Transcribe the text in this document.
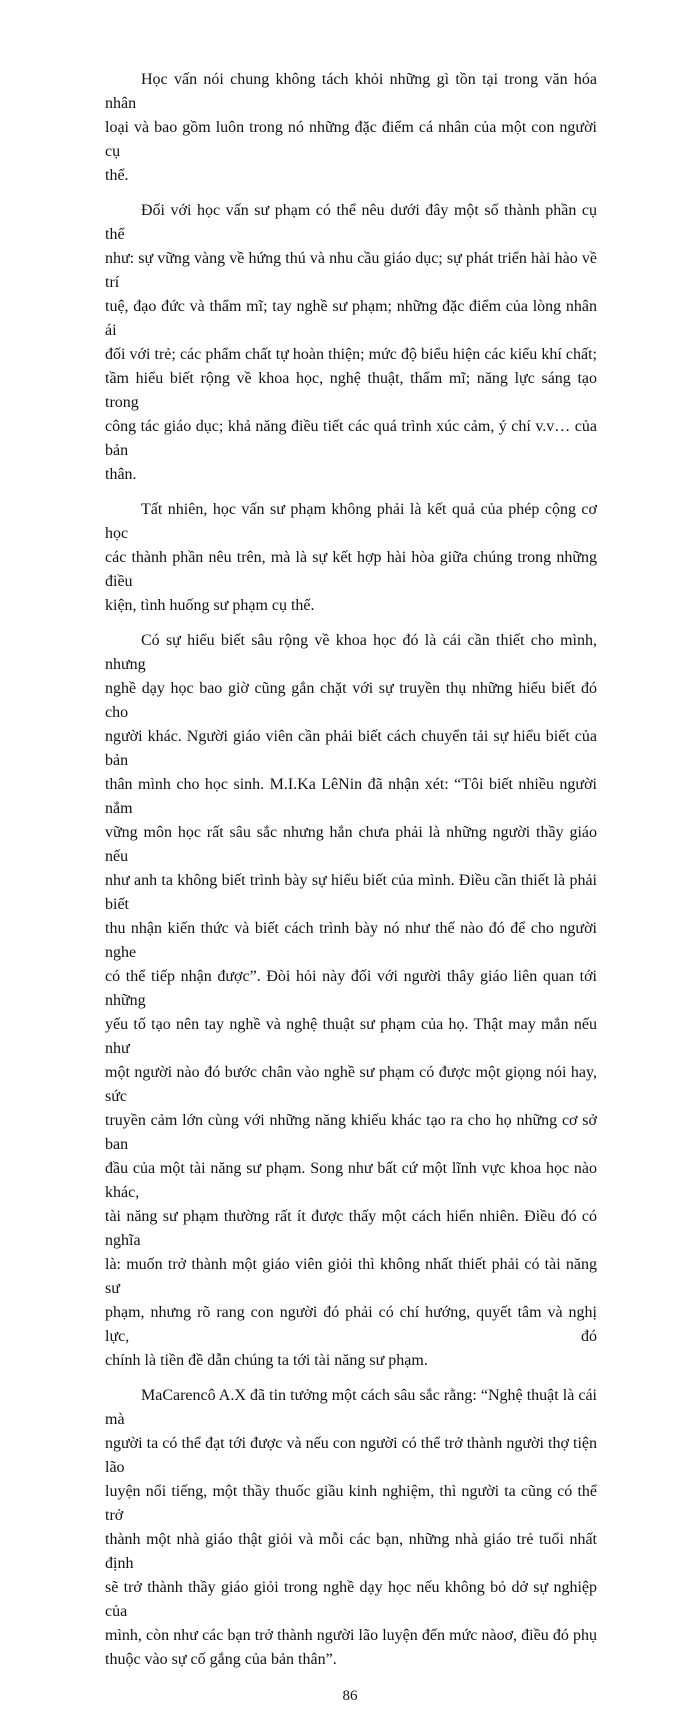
Học vấn nói chung không tách khỏi những gì tồn tại trong văn hóa nhân
loại và bao gồm luôn trong nó những đặc điểm cá nhân của một con người cụ
thể.
Đối với học vấn sư phạm có thể nêu dưới đây một số thành phần cụ thể
như: sự vững vàng về hứng thú và nhu cầu giáo dục; sự phát triển hài hào về trí
tuệ, đạo đức và thẩm mĩ; tay nghề sư phạm; những đặc điểm của lòng nhân ái
đối với trẻ; các phẩm chất tự hoàn thiện; mức độ biểu hiện các kiểu khí chất;
tầm hiểu biết rộng về khoa học, nghệ thuật, thẩm mĩ; năng lực sáng tạo trong
công tác giáo dục; khả năng điều tiết các quá trình xúc cảm, ý chí v.v… của bản
thân.
Tất nhiên, học vấn sư phạm không phải là kết quả của phép cộng cơ học
các thành phần nêu trên, mà là sự kết hợp hài hòa giữa chúng trong những điều
kiện, tình huống sư phạm cụ thể.
Có sự hiểu biết sâu rộng về khoa học đó là cái cần thiết cho mình, nhưng
nghề dạy học bao giờ cũng gắn chặt với sự truyền thụ những hiểu biết đó cho
người khác. Người giáo viên cần phải biết cách chuyển tải sự hiểu biết của bản
thân mình cho học sinh. M.I.Ka LêNin đã nhận xét: “Tôi biết nhiều người nắm
vững môn học rất sâu sắc nhưng hắn chưa phải là những người thầy giáo nếu
như anh ta không biết trình bày sự hiểu biết của mình. Điều cần thiết là phải biết
thu nhận kiến thức và biết cách trình bày nó như thế nào đó để cho người nghe
có thể tiếp nhận được”. Đòi hỏi này đối với người thây giáo liên quan tới những
yếu tố tạo nên tay nghề và nghệ thuật sư phạm của họ. Thật may mắn nếu như
một người nào đó bước chân vào nghề sư phạm có được một giọng nói hay, sức
truyền cảm lớn cùng với những năng khiếu khác tạo ra cho họ những cơ sở ban
đầu của một tài năng sư phạm. Song như bất cứ một lĩnh vực khoa học nào khác,
tài năng sư phạm thường rất ít được thấy một cách hiển nhiên. Điều đó có nghĩa
là: muốn trở thành một giáo viên giỏi thì không nhất thiết phải có tài năng sư
phạm, nhưng rõ rang con người đó phải có chí hướng, quyết tâm và nghị lực, đó
chính là tiền đề dẫn chúng ta tới tài năng sư phạm.
MaCarencô A.X đã tin tưởng một cách sâu sắc rằng: “Nghệ thuật là cái mà
người ta có thể đạt tới được và nếu con người có thể trở thành người thợ tiện lão
luyện nổi tiếng, một thầy thuốc giầu kinh nghiệm, thì người ta cũng có thể trở
thành một nhà giáo thật giỏi và mỗi các bạn, những nhà giáo trẻ tuổi nhất định
sẽ trở thành thầy giáo giỏi trong nghề dạy học nếu không bỏ dở sự nghiệp của
mình, còn như các bạn trở thành người lão luyện đến mức nàoơ, điều đó phụ
thuộc vào sự cố gắng của bản thân”.
86
